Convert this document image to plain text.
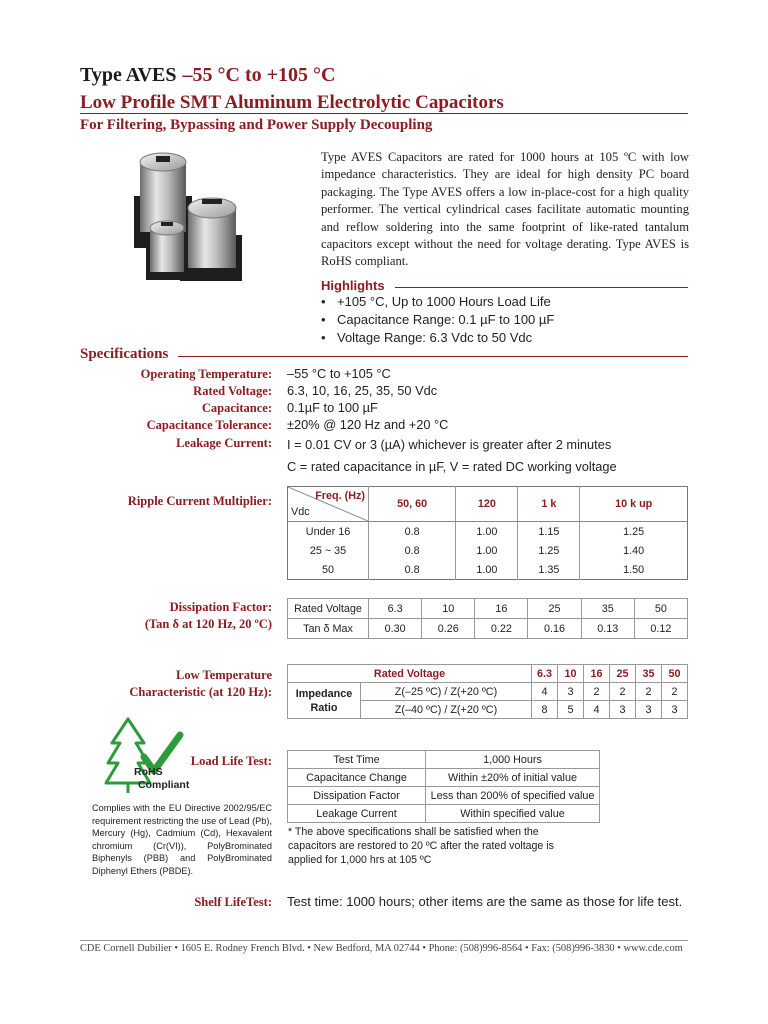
Type AVES –55 °C to +105 °C
Low Profile SMT Aluminum Electrolytic Capacitors
For Filtering, Bypassing and Power Supply Decoupling
Type AVES Capacitors are rated for 1000 hours at 105 ºC with low impedance characteristics. They are ideal for high density PC board packaging. The Type AVES offers a low in-place-cost for a high quality performer. The vertical cylindrical cases facilitate automatic mounting and reflow soldering into the same footprint of like-rated tantalum capacitors except without the need for voltage derating. Type AVES is RoHS compliant.
Highlights
• +105 °C, Up to 1000 Hours Load Life
• Capacitance Range: 0.1 µF to 100 µF
• Voltage Range: 6.3 Vdc to 50 Vdc
Specifications
Operating Temperature: –55 °C to +105 °C
Rated Voltage: 6.3, 10, 16, 25, 35, 50 Vdc
Capacitance: 0.1µF to 100 µF
Capacitance Tolerance: ±20% @ 120 Hz and +20 °C
Leakage Current: I = 0.01 CV or 3 (µA) whichever is greater after 2 minutes
C = rated capacitance in µF, V = rated DC working voltage
Ripple Current Multiplier:	Freq. (Hz)
Vdc	50, 60	120	1 k	10 k up
Under 16	0.8	1.00	1.15	1.25
25 ~ 35	0.8	1.00	1.25	1.40
50	0.8	1.00	1.35	1.50
Dissipation Factor:
(Tan δ at 120 Hz, 20 ºC)
Rated Voltage	6.3	10	16	25	35	50
Tan δ Max	0.30	0.26	0.22	0.16	0.13	0.12
Low Temperature
Characteristic (at 120 Hz):
Rated Voltage		6.3	10	16	25	35	50

Impedance
Ratio	Z(–25 ºC) / Z(+20 ºC)	4	3	2	2	2	2
	Z(–40 ºC) / Z(+20 ºC)	8	5	4	3	3	3
RoHS
Compliant
Complies with the EU Directive 2002/95/EC requirement restricting the use of Lead (Pb), Mercury (Hg), Cadmium (Cd), Hexavalent chromium (Cr(VI)), PolyBrominated Biphenyls (PBB) and PolyBrominated Diphenyl Ethers (PBDE).
Load Life Test:	Test Time	1,000 Hours
Capacitance Change	Within ±20% of initial value
Dissipation Factor	Less than 200% of specified value
Leakage Current	Within specified value
* The above specifications shall be satisfied when the capacitors are restored to 20 ºC after the rated voltage is applied for 1,000 hrs at 105 ºC
Shelf LifeTest: Test time: 1000 hours; other items are the same as those for life test.
CDE Cornell Dubilier • 1605 E. Rodney French Blvd. • New Bedford, MA 02744 • Phone: (508)996-8564 • Fax: (508)996-3830 • www.cde.com
